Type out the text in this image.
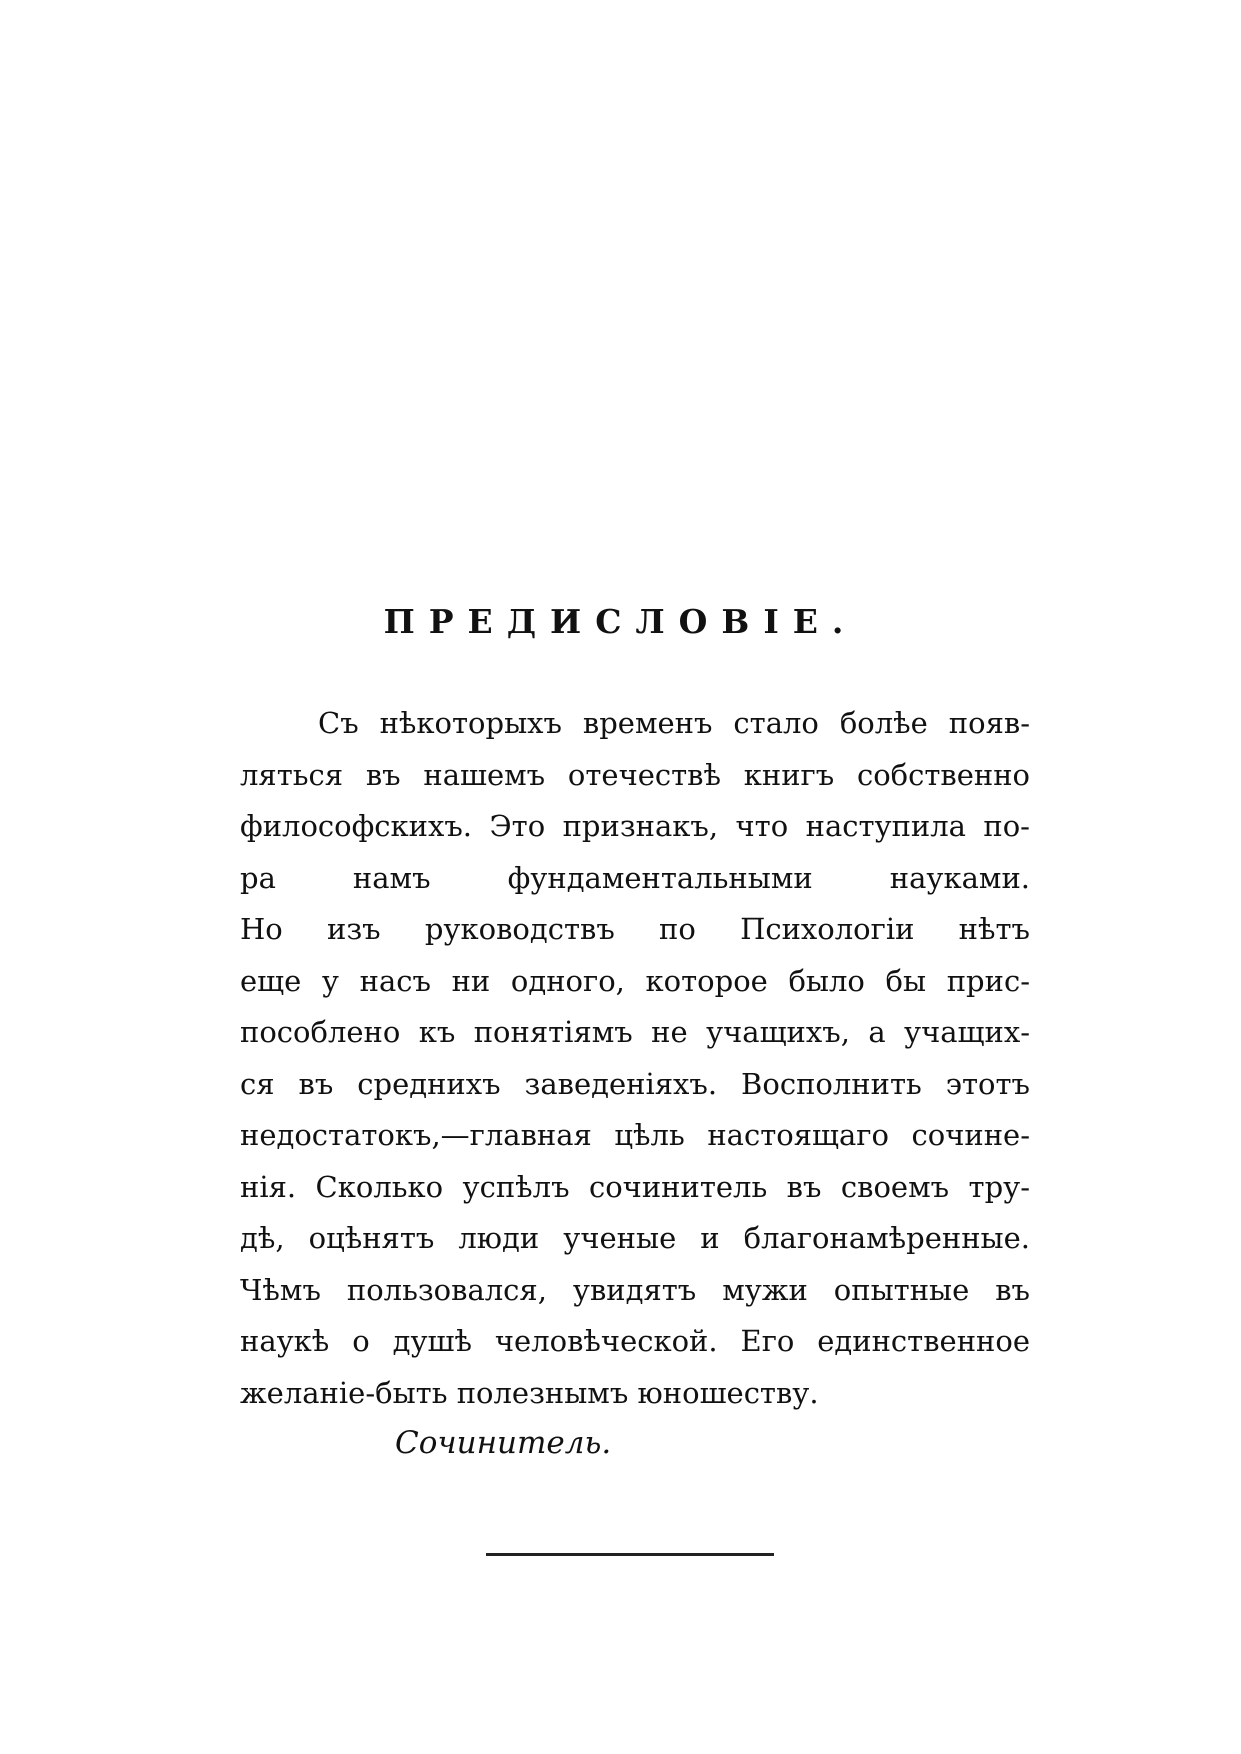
ПРЕДИСЛОВІЕ.
Съ нѣкоторыхъ временъ стало болѣе появ-
ляться въ нашемъ отечествѣ книгъ собственнo
философскихъ. Это признакъ, что наступила по-
ра намъ фундаментальными науками.
Но изъ руководствъ по Психологіи нѣтъ
еще у насъ ни одного, которое было бы прис-
пособлено къ понятіямъ не учащихъ, а учащих-
ся въ среднихъ заведеніяхъ. Восполнить этотъ
недостатокъ,—главная цѣль настоящаго сочине-
нія. Сколько успѣлъ сочинитель въ своемъ тру-
дѣ, оцѣнятъ люди ученые и благонамѣренные.
Чѣмъ пользовался, увидятъ мужи опытные въ
наукѣ о душѣ человѣческой. Его единственное
желаніе-быть полезнымъ юношеству.
Сочинитель.
